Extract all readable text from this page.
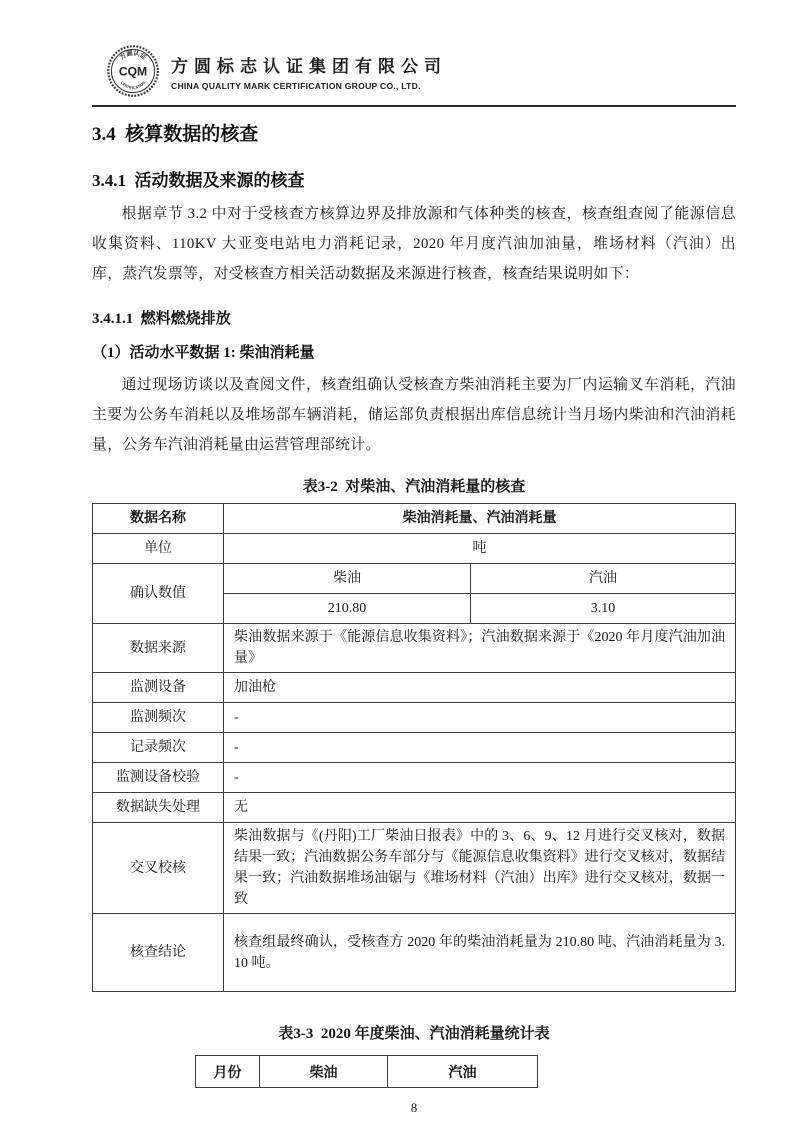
方圆认证
CQM
CERTIFICATION
方圆标志认证集团有限公司
CHINA QUALITY MARK CERTIFICATION GROUP CO., LTD.
3.4  核算数据的核查
3.4.1  活动数据及来源的核查

根据章节 3.2 中对于受核查方核算边界及排放源和气体种类的核查，核查组查阅了能源信息收集资料、110KV 大亚变电站电力消耗记录，2020 年月度汽油加油量，堆场材料（汽油）出库，蒸汽发票等，对受核查方相关活动数据及来源进行核查，核查结果说明如下：

3.4.1.1  燃料燃烧排放
（1）活动水平数据 1: 柴油消耗量

通过现场访谈以及查阅文件，核查组确认受核查方柴油消耗主要为厂内运输叉车消耗，汽油主要为公务车消耗以及堆场部车辆消耗，储运部负责根据出库信息统计当月场内柴油和汽油消耗量，公务车汽油消耗量由运营管理部统计。

表3-2  对柴油、汽油消耗量的核查
数据名称	柴油消耗量、汽油消耗量	
单位	吨	
确认数值	柴油	汽油
	210.80	3.10
数据来源	柴油数据来源于《能源信息收集资料》；汽油数据来源于《2020 年月度汽油加油量》	
监测设备	加油枪	
监测频次	-	
记录频次	-	
监测设备校验	-	
数据缺失处理	无	
交叉校核	柴油数据与《(丹阳)工厂柴油日报表》中的 3、6、9、12 月进行交叉核对，数据结果一致；汽油数据公务车部分与《能源信息收集资料》进行交叉核对，数据结果一致；汽油数据堆场油锯与《堆场材料（汽油）出库》进行交叉核对，数据一致	
核查结论	核查组最终确认，受核查方 2020 年的柴油消耗量为 210.80 吨、汽油消耗量为 3.10 吨。	
表3-3  2020 年度柴油、汽油消耗量统计表
月份	柴油	汽油
8
